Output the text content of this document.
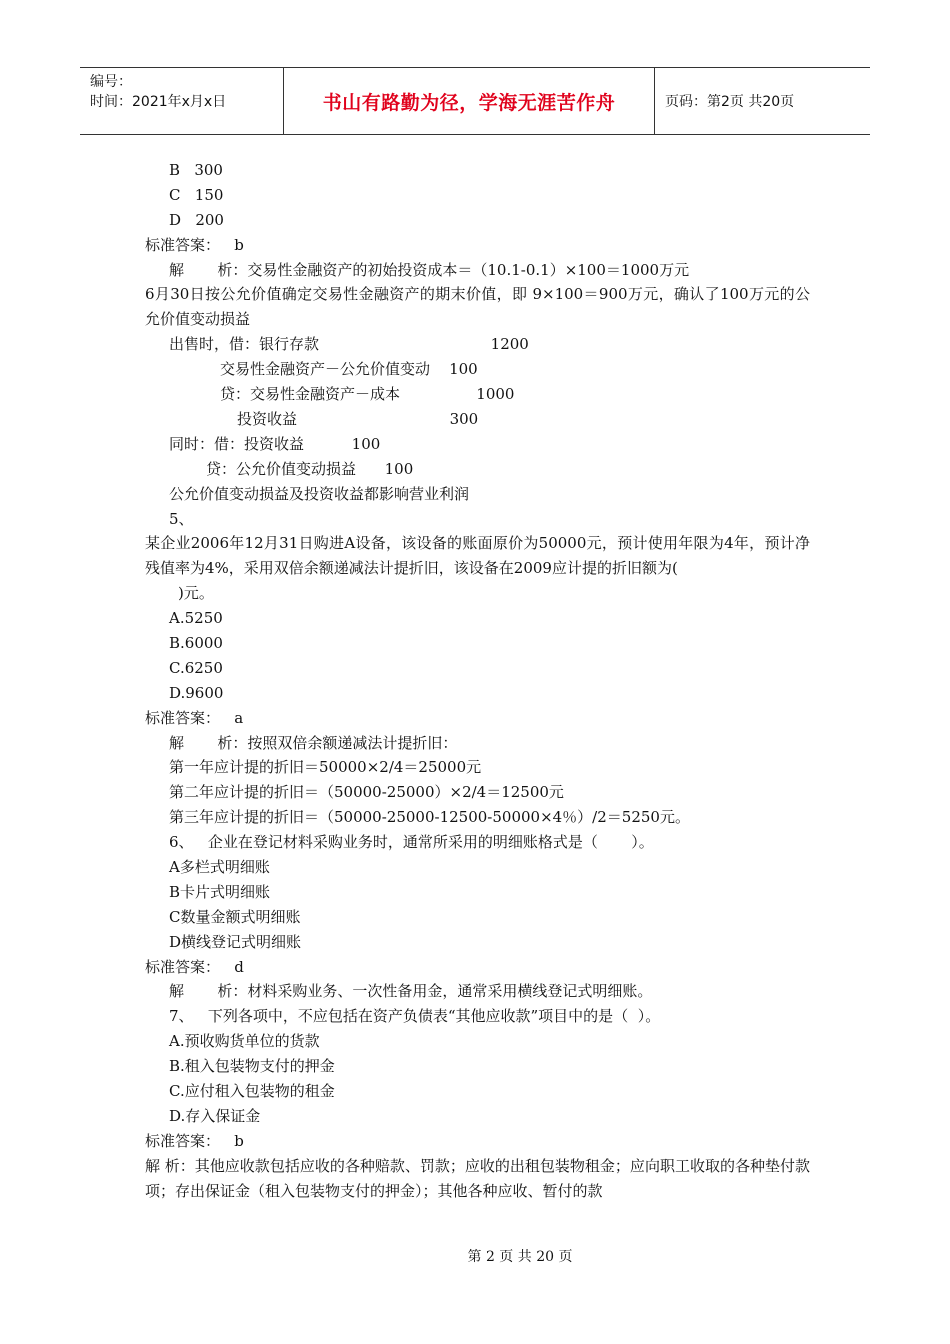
编号：
时间：2021年x月x日	书山有路勤为径，学海无涯苦作舟	页码：第2页 共20页
B   300
C   150
D   200
标准答案：   b
解       析：交易性金融资产的初始投资成本＝（10.1-0.1）×100＝1000万元
6月30日按公允价值确定交易性金融资产的期末价值，即 9×100＝900万元，确认了100万元的公允价值变动损益
出售时，借：银行存款                                    1200
交易性金融资产－公允价值变动    100
贷：交易性金融资产－成本                1000
投资收益                                300
同时：借：投资收益          100
贷：公允价值变动损益      100
公允价值变动损益及投资收益都影响营业利润
5、
某企业2006年12月31日购进A设备，该设备的账面原价为50000元，预计使用年限为4年，预计净残值率为4%，采用双倍余额递减法计提折旧，该设备在2009应计提的折旧额为(
)元。
A.5250
B.6000
C.6250
D.9600
标准答案：   a
解       析：按照双倍余额递减法计提折旧：
第一年应计提的折旧＝50000×2/4＝25000元
第二年应计提的折旧＝（50000-25000）×2/4＝12500元
第三年应计提的折旧＝（50000-25000-12500-50000×4％）/2＝5250元。
6、   企业在登记材料采购业务时，通常所采用的明细账格式是（       ）。
A多栏式明细账
B卡片式明细账
C数量金额式明细账
D横线登记式明细账
标准答案：   d
解       析：材料采购业务、一次性备用金，通常采用横线登记式明细账。
7、   下列各项中，不应包括在资产负债表“其他应收款”项目中的是（  ）。
A.预收购货单位的货款
B.租入包装物支付的押金
C.应付租入包装物的租金
D.存入保证金
标准答案：   b
解 析：其他应收款包括应收的各种赔款、罚款；应收的出租包装物租金；应向职工收取的各种垫付款项；存出保证金（租入包装物支付的押金）；其他各种应收、暂付的款
第 2 页 共 20 页
